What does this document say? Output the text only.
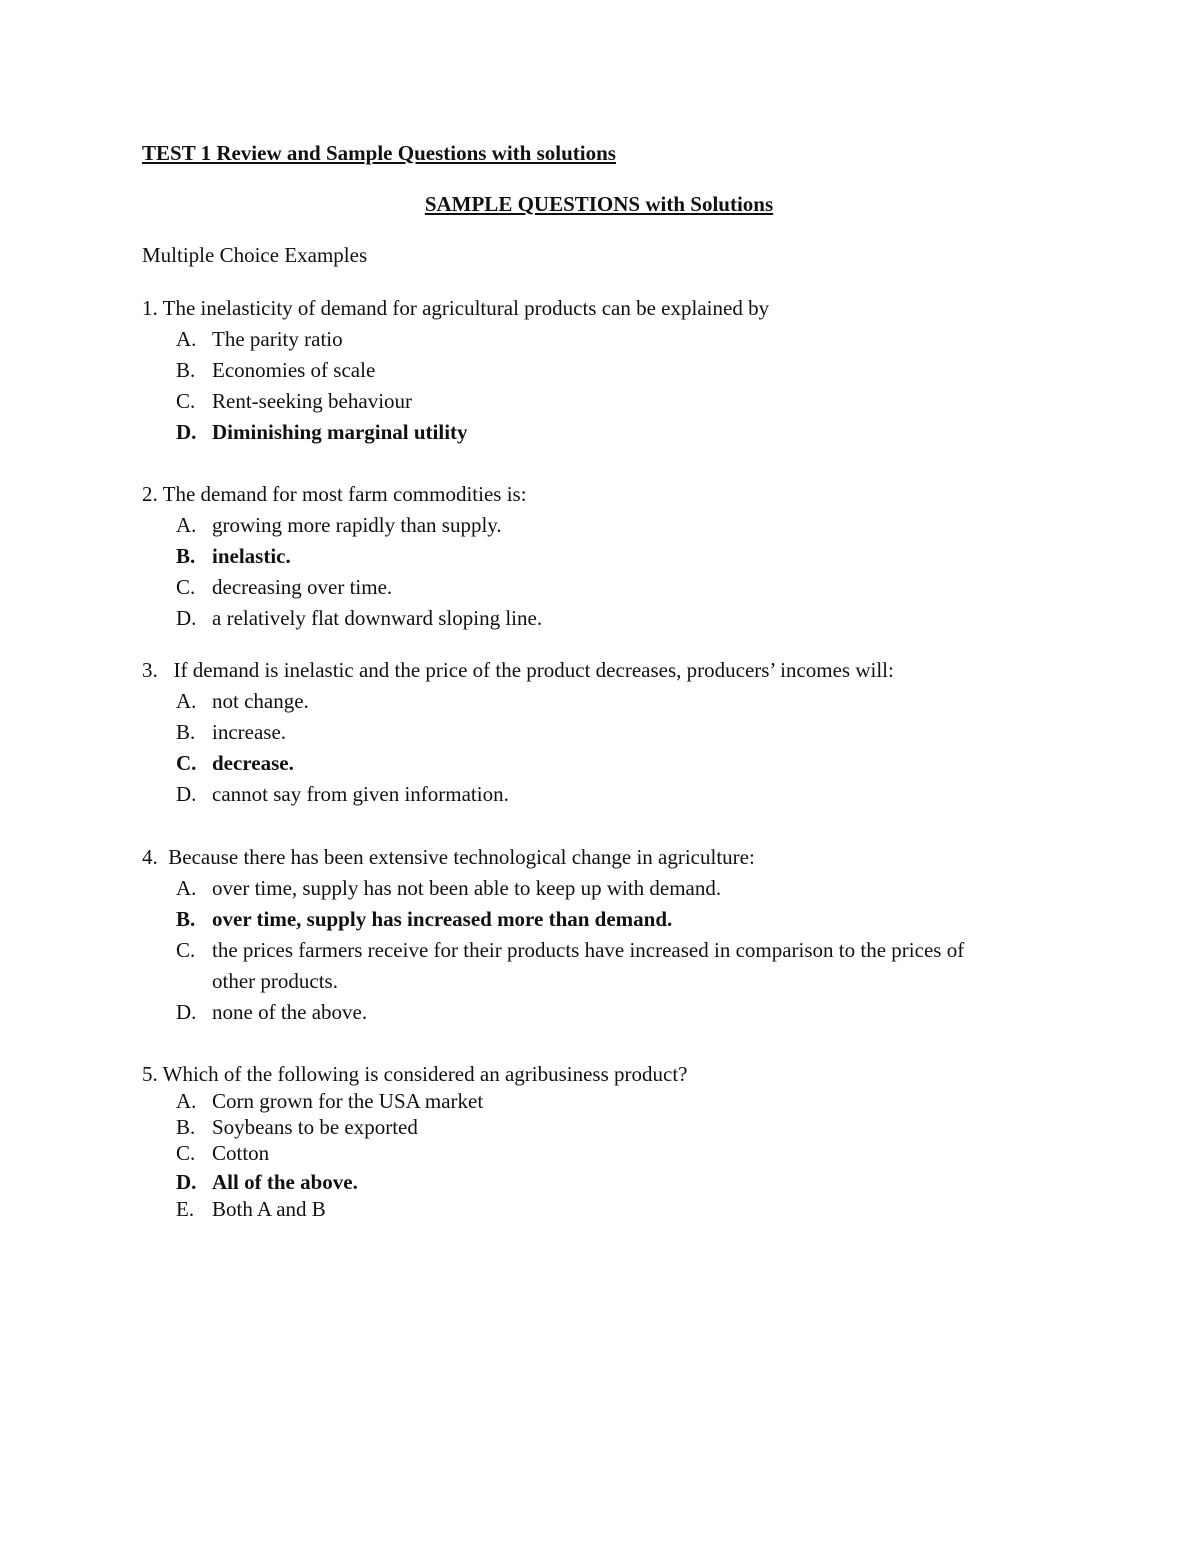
TEST 1 Review and Sample Questions with solutions
SAMPLE QUESTIONS with Solutions
Multiple Choice Examples
1. The inelasticity of demand for agricultural products can be explained by
A. The parity ratio
B. Economies of scale
C. Rent-seeking behaviour
D. Diminishing marginal utility
2. The demand for most farm commodities is:
A. growing more rapidly than supply.
B. inelastic.
C. decreasing over time.
D. a relatively flat downward sloping line.
3.   If demand is inelastic and the price of the product decreases, producers’ incomes will:
A. not change.
B. increase.
C. decrease.
D. cannot say from given information.
4.  Because there has been extensive technological change in agriculture:
A. over time, supply has not been able to keep up with demand.
B. over time, supply has increased more than demand.
C. the prices farmers receive for their products have increased in comparison to the prices of
other products.
D. none of the above.
5. Which of the following is considered an agribusiness product?
A. Corn grown for the USA market
B. Soybeans to be exported
C. Cotton
D. All of the above.
E. Both A and B
